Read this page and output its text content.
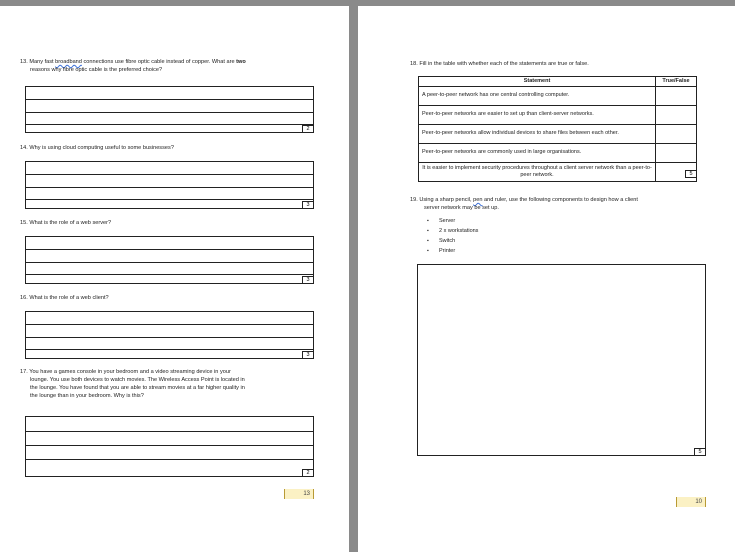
13. Many fast broadband connections use fibre optic cable instead of copper. What are two
reasons why fibre optic cable is the preferred choice?
2
14. Why is using cloud computing useful to some businesses?
3
15. What is the role of a web server?
3
16. What is the role of a web client?
3
17. You have a games console in your bedroom and a video streaming device in your
lounge. You use both devices to watch movies. The Wireless Access Point is located in
the lounge. You have found that you are able to stream movies at a far higher quality in
the lounge than in your bedroom. Why is this?
2
13
18. Fill in the table with whether each of the statements are true or false.
Statement	True/False
A peer-to-peer network has one central controlling computer.	
Peer-to-peer networks are easier to set up than client-server networks.	
Peer-to-peer networks allow individual devices to share files between each other.	
Peer-to-peer networks are commonly used in large organisations.	
It is easier to implement security procedures throughout a client server network than a peer-to-peer network.		5
19. Using a sharp pencil, pen and ruler, use the following components to design how a client
server network may be set up.
▪ Server
▪ 2 x workstations
▪ Switch
▪ Printer
5
10
